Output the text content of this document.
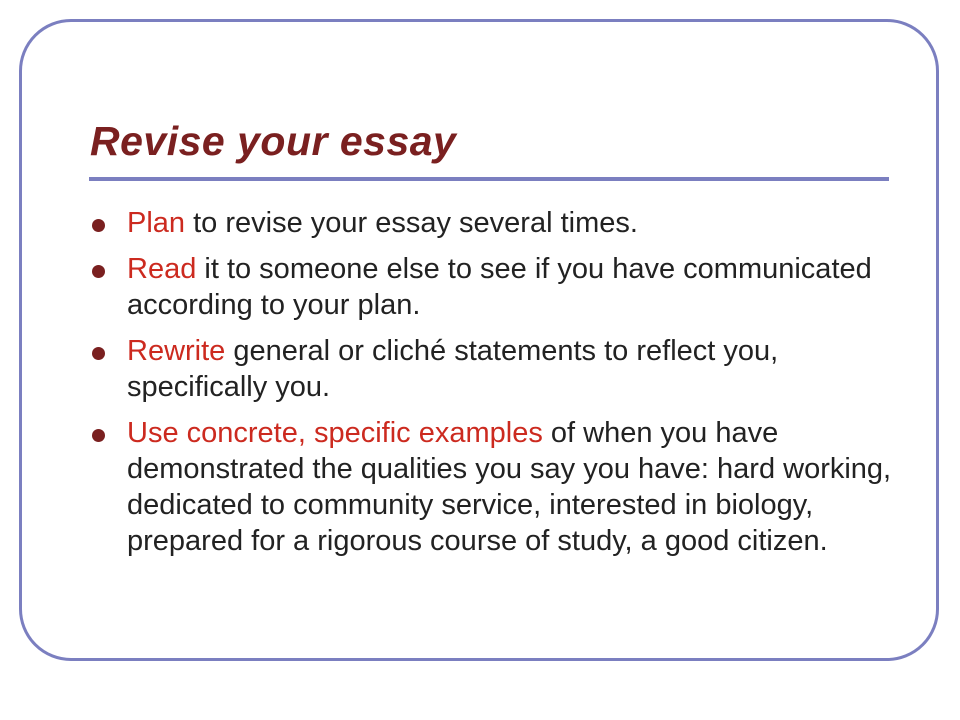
Revise your essay
Plan to revise your essay several times.
Read it to someone else to see if you have communicated according to your plan.
Rewrite general or cliché statements to reflect you, specifically you.
Use concrete, specific examples of when you have demonstrated the qualities you say you have: hard working, dedicated to community service, interested in biology, prepared for a rigorous course of study, a good citizen.
